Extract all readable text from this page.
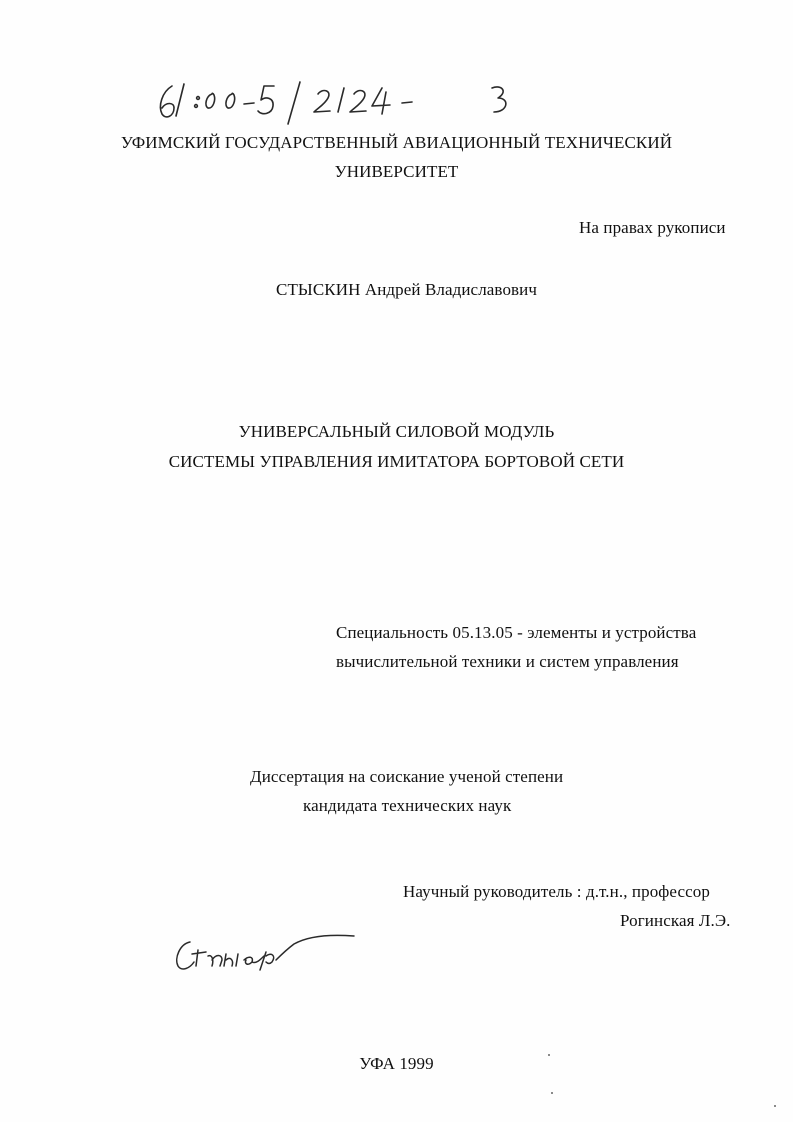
УФИМСКИЙ ГОСУДАРСТВЕННЫЙ АВИАЦИОННЫЙ ТЕХНИЧЕСКИЙ
УНИВЕРСИТЕТ
На правах рукописи
СТЫСКИН Андрей Владиславович
УНИВЕРСАЛЬНЫЙ СИЛОВОЙ МОДУЛЬ
СИСТЕМЫ УПРАВЛЕНИЯ ИМИТАТОРА БОРТОВОЙ СЕТИ
Специальность 05.13.05 - элементы и устройства
вычислительной техники и систем управления
Диссертация на соискание ученой степени
кандидата технических наук
Научный руководитель : д.т.н., профессор
Рогинская Л.Э.
УФА 1999
